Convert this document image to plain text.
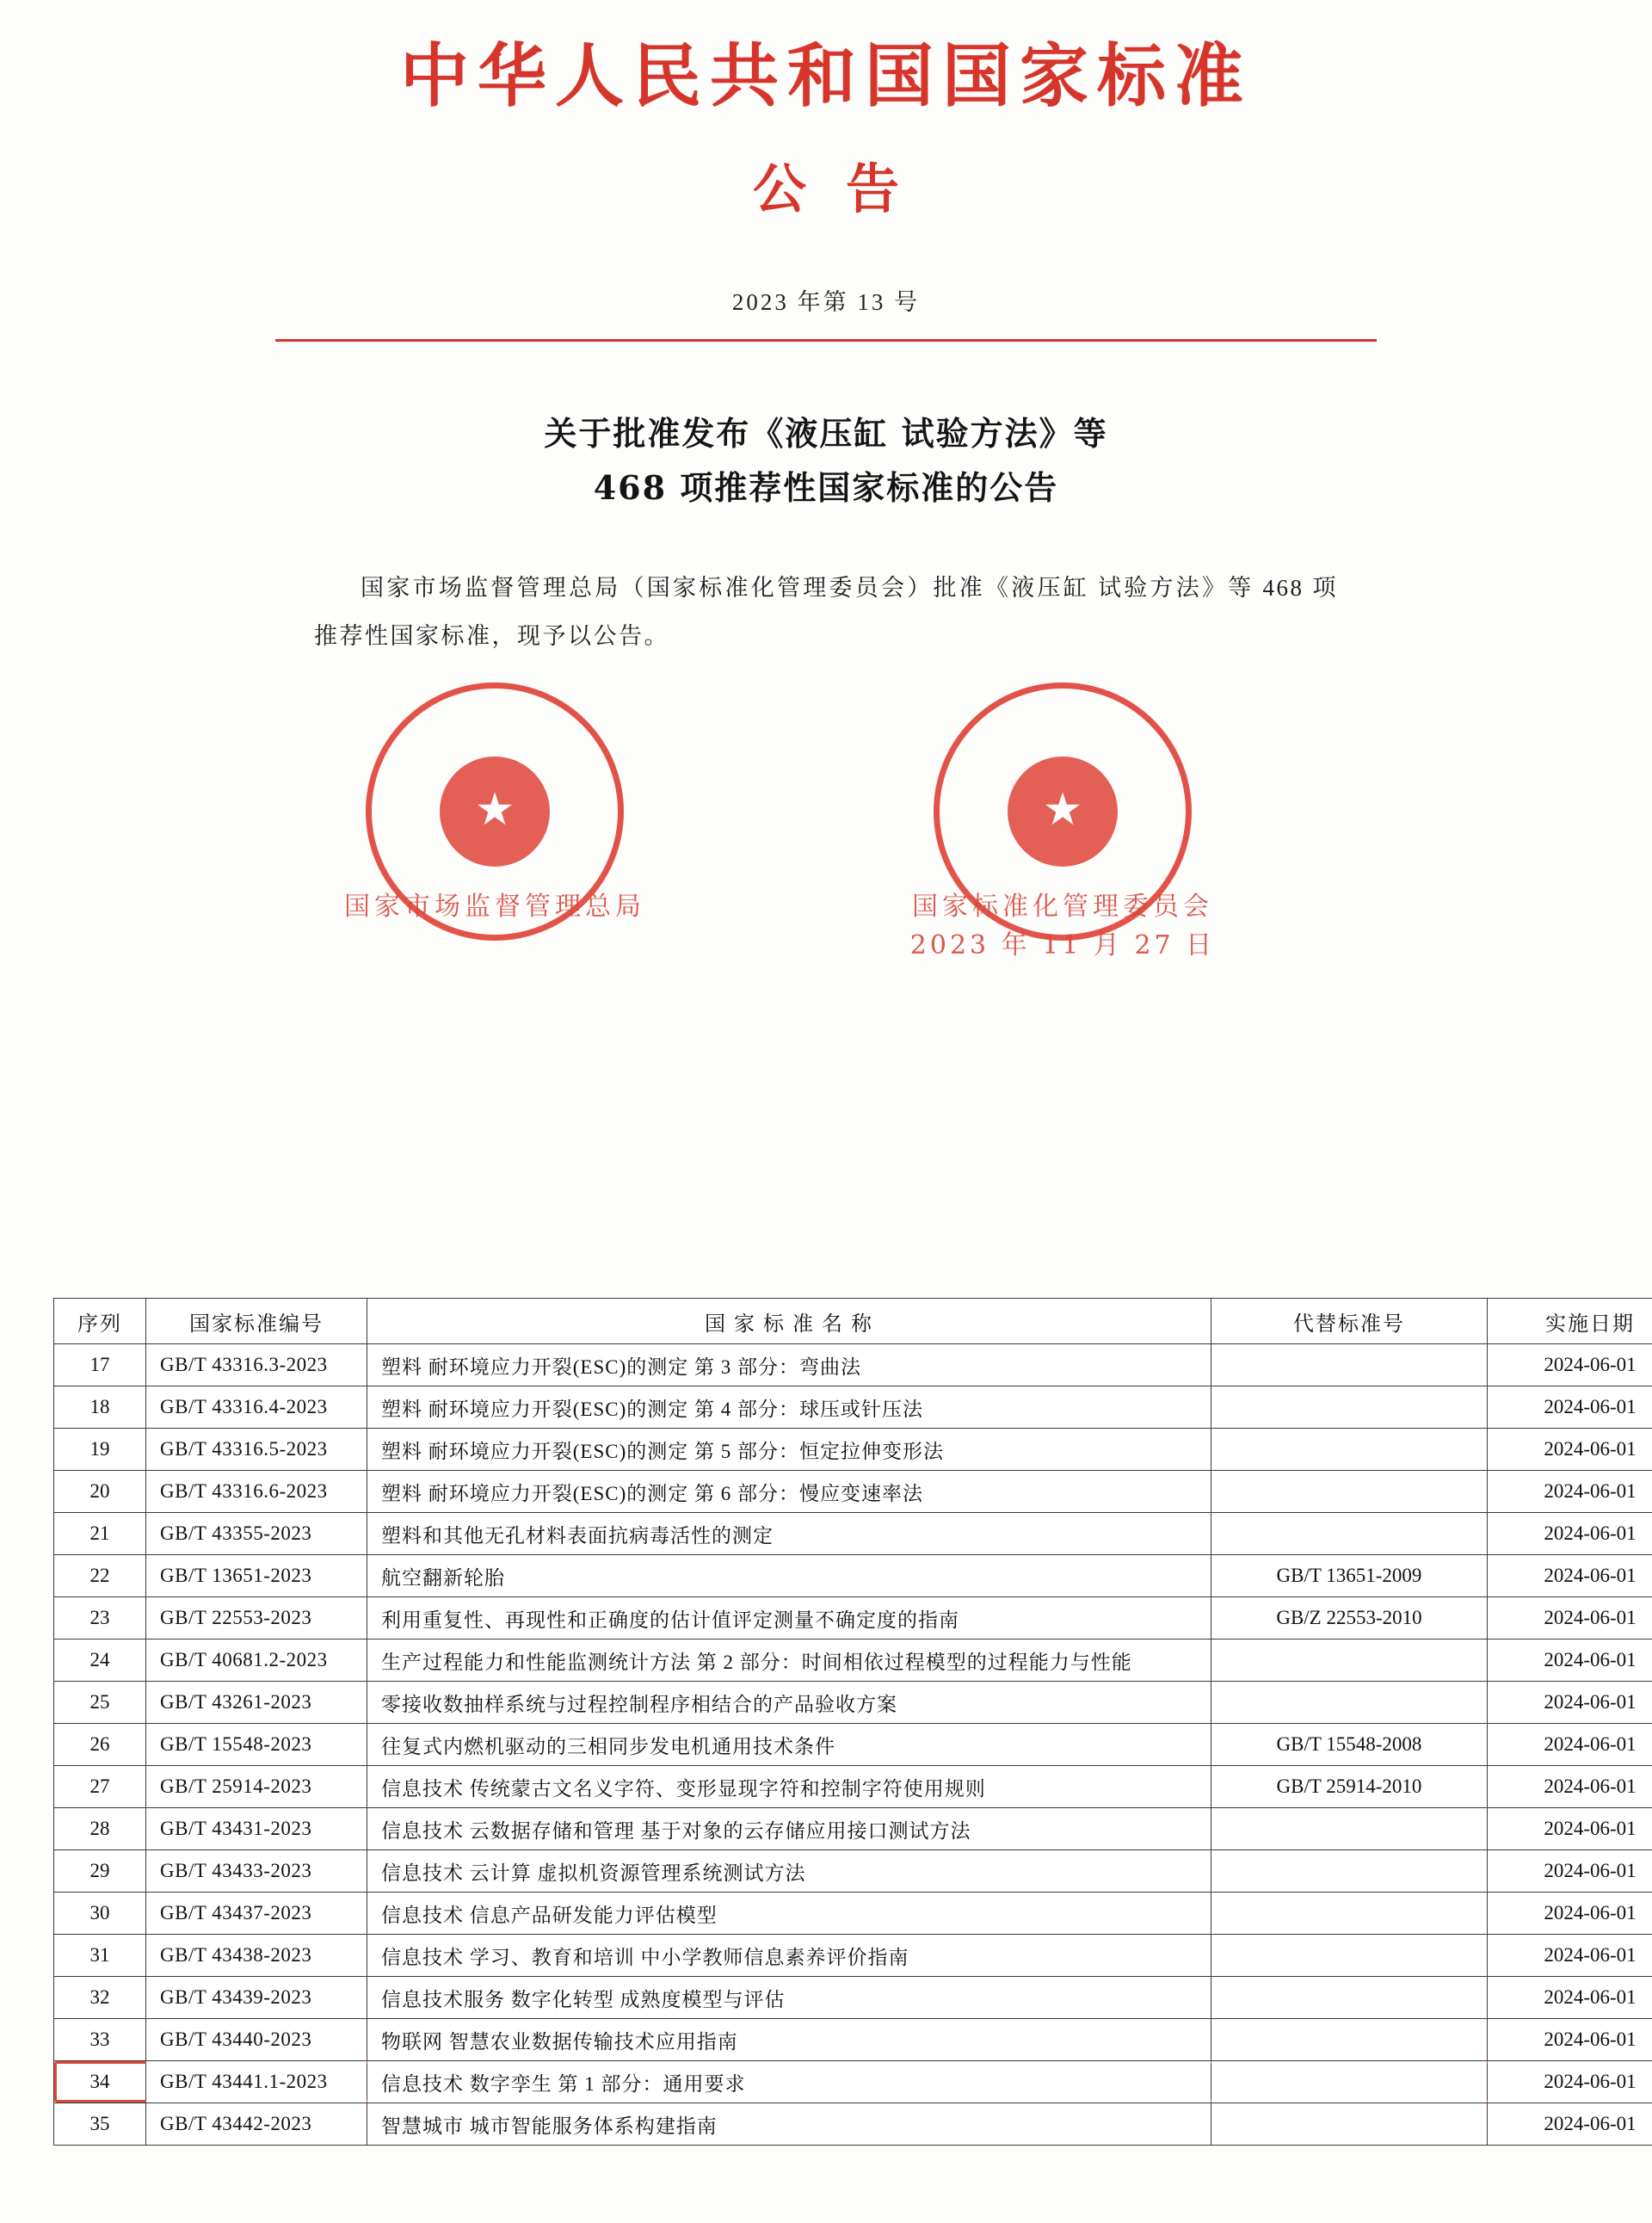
中华人民共和国国家标准
公告
2023 年第 13 号
关于批准发布《液压缸 试验方法》等
468 项推荐性国家标准的公告
国家市场监督管理总局（国家标准化管理委员会）批准《液压缸 试验方法》等 468 项推荐性国家标准，现予以公告。
★	★
国家市场监督管理总局	国家标准化管理委员会
2023 年 11 月 27 日
序列	国家标准编号	国 家 标 准 名 称	代替标准号	实施日期
17	GB/T 43316.3-2023	塑料 耐环境应力开裂(ESC)的测定 第 3 部分：弯曲法		2024-06-01
18	GB/T 43316.4-2023	塑料 耐环境应力开裂(ESC)的测定 第 4 部分：球压或针压法		2024-06-01
19	GB/T 43316.5-2023	塑料 耐环境应力开裂(ESC)的测定 第 5 部分：恒定拉伸变形法		2024-06-01
20	GB/T 43316.6-2023	塑料 耐环境应力开裂(ESC)的测定 第 6 部分：慢应变速率法		2024-06-01
21	GB/T 43355-2023	塑料和其他无孔材料表面抗病毒活性的测定		2024-06-01
22	GB/T 13651-2023	航空翻新轮胎	GB/T 13651-2009	2024-06-01
23	GB/T 22553-2023	利用重复性、再现性和正确度的估计值评定测量不确定度的指南	GB/Z 22553-2010	2024-06-01
24	GB/T 40681.2-2023	生产过程能力和性能监测统计方法 第 2 部分：时间相依过程模型的过程能力与性能		2024-06-01
25	GB/T 43261-2023	零接收数抽样系统与过程控制程序相结合的产品验收方案		2024-06-01
26	GB/T 15548-2023	往复式内燃机驱动的三相同步发电机通用技术条件	GB/T 15548-2008	2024-06-01
27	GB/T 25914-2023	信息技术 传统蒙古文名义字符、变形显现字符和控制字符使用规则	GB/T 25914-2010	2024-06-01
28	GB/T 43431-2023	信息技术 云数据存储和管理 基于对象的云存储应用接口测试方法		2024-06-01
29	GB/T 43433-2023	信息技术 云计算 虚拟机资源管理系统测试方法		2024-06-01
30	GB/T 43437-2023	信息技术 信息产品研发能力评估模型		2024-06-01
31	GB/T 43438-2023	信息技术 学习、教育和培训 中小学教师信息素养评价指南		2024-06-01
32	GB/T 43439-2023	信息技术服务 数字化转型 成熟度模型与评估		2024-06-01
33	GB/T 43440-2023	物联网 智慧农业数据传输技术应用指南		2024-06-01
34	GB/T 43441.1-2023	信息技术 数字孪生 第 1 部分：通用要求		2024-06-01
35	GB/T 43442-2023	智慧城市 城市智能服务体系构建指南		2024-06-01
